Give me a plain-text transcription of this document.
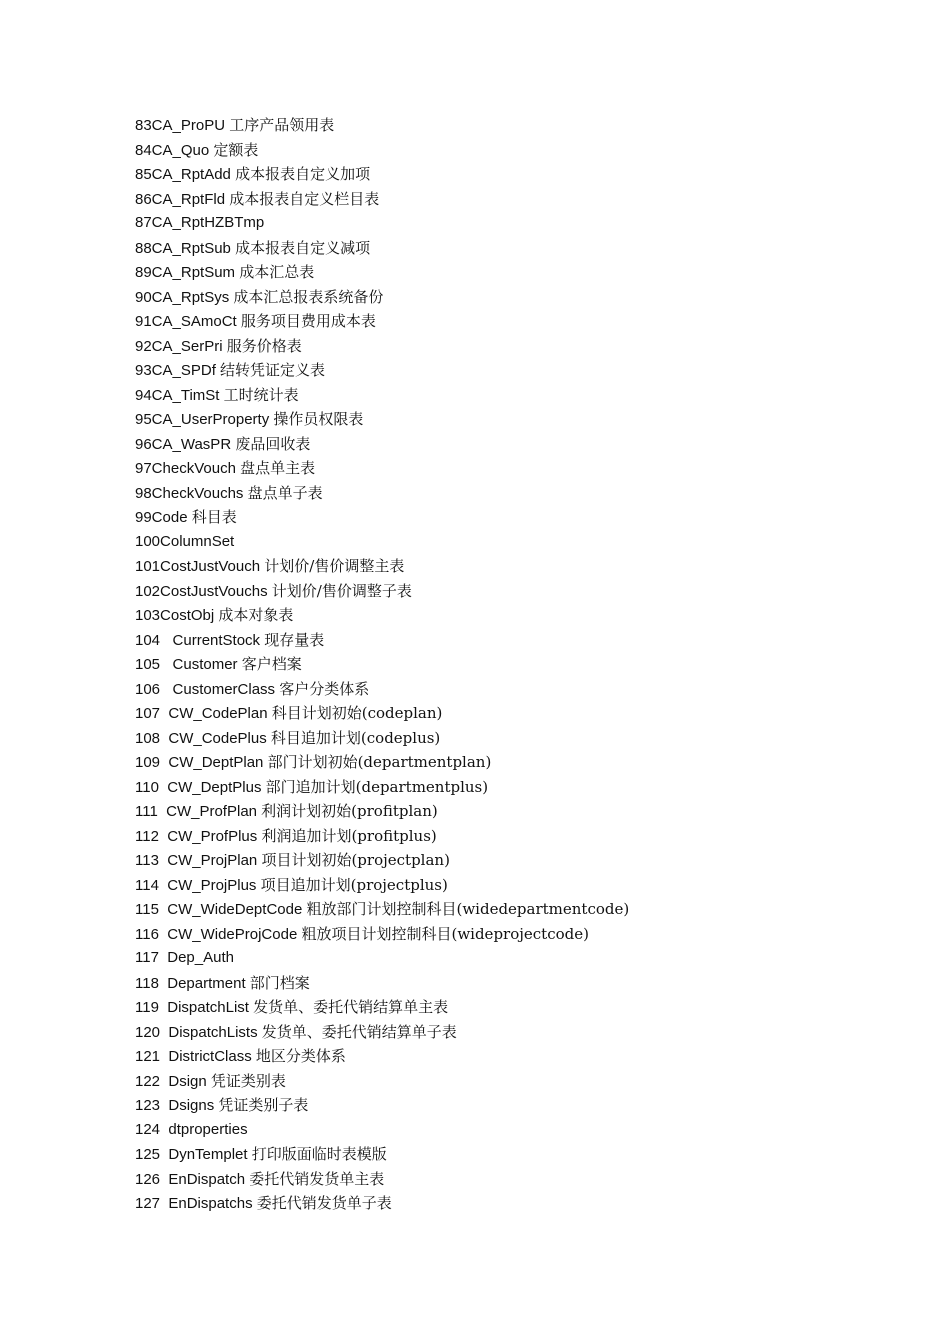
83CA_ProPU 工序产品领用表
84CA_Quo 定额表
85CA_RptAdd 成本报表自定义加项
86CA_RptFld 成本报表自定义栏目表
87CA_RptHZBTmp
88CA_RptSub 成本报表自定义减项
89CA_RptSum 成本汇总表
90CA_RptSys 成本汇总报表系统备份
91CA_SAmoCt 服务项目费用成本表
92CA_SerPri 服务价格表
93CA_SPDf 结转凭证定义表
94CA_TimSt 工时统计表
95CA_UserProperty 操作员权限表
96CA_WasPR 废品回收表
97CheckVouch 盘点单主表
98CheckVouchs 盘点单子表
99Code 科目表
100ColumnSet
101CostJustVouch 计划价/售价调整主表
102CostJustVouchs 计划价/售价调整子表
103CostObj 成本对象表
104   CurrentStock 现存量表
105   Customer 客户档案
106   CustomerClass 客户分类体系
107  CW_CodePlan 科目计划初始(codeplan)
108  CW_CodePlus 科目追加计划(codeplus)
109  CW_DeptPlan 部门计划初始(departmentplan)
110  CW_DeptPlus 部门追加计划(departmentplus)
111  CW_ProfPlan 利润计划初始(profitplan)
112  CW_ProfPlus 利润追加计划(profitplus)
113  CW_ProjPlan 项目计划初始(projectplan)
114  CW_ProjPlus 项目追加计划(projectplus)
115  CW_WideDeptCode 粗放部门计划控制科目(widedepartmentcode)
116  CW_WideProjCode 粗放项目计划控制科目(wideprojectcode)
117  Dep_Auth
118  Department 部门档案
119  DispatchList 发货单、委托代销结算单主表
120  DispatchLists 发货单、委托代销结算单子表
121  DistrictClass 地区分类体系
122  Dsign 凭证类别表
123  Dsigns 凭证类别子表
124  dtproperties
125  DynTemplet 打印版面临时表模版
126  EnDispatch 委托代销发货单主表
127  EnDispatchs 委托代销发货单子表
